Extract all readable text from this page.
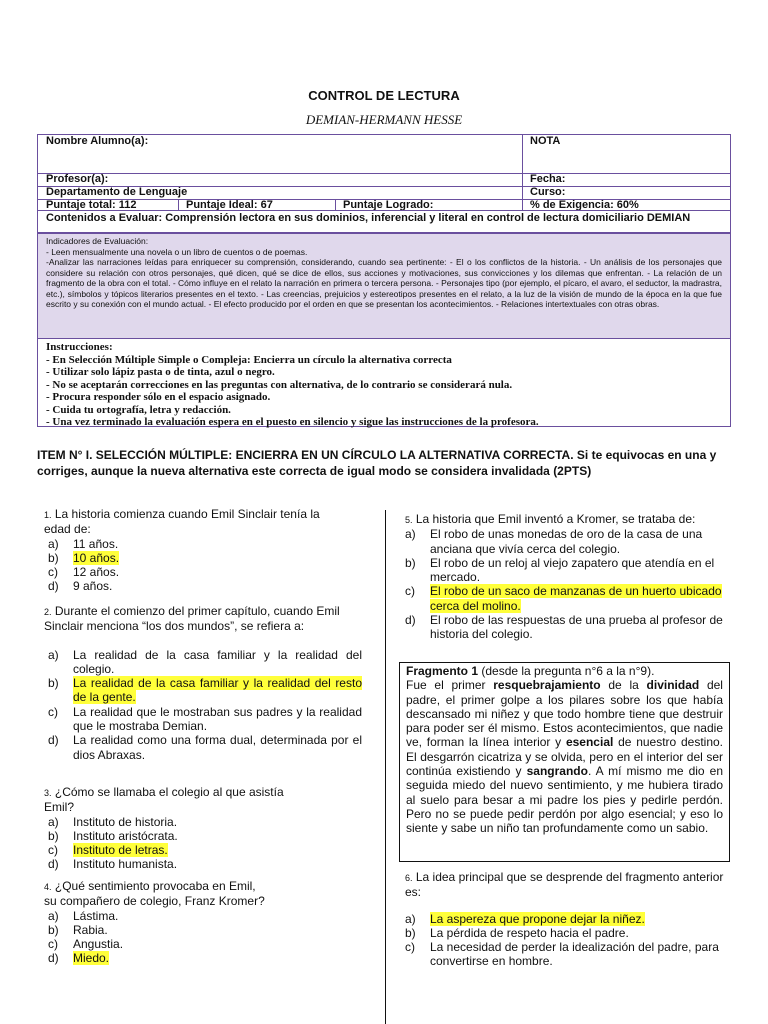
CONTROL DE LECTURA
DEMIAN-HERMANN HESSE
Nombre Alumno(a):	NOTA
Profesor(a):	Fecha:
Departamento de Lenguaje	Curso:
Puntaje total: 112	Puntaje Ideal: 67	Puntaje Logrado:	% de Exigencia: 60%
Contenidos a Evaluar: Comprensión lectora en sus dominios, inferencial y literal en control de lectura domiciliario DEMIAN
Indicadores de Evaluación:
- Leen mensualmente una novela o un libro de cuentos o de poemas.
-Analizar las narraciones leídas para enriquecer su comprensión, considerando, cuando sea pertinente: - El o los conflictos de la historia. - Un análisis de los personajes que considere su relación con otros personajes, qué dicen, qué se dice de ellos, sus acciones y motivaciones, sus convicciones y los dilemas que enfrentan. - La relación de un fragmento de la obra con el total. - Cómo influye en el relato la narración en primera o tercera persona. - Personajes tipo (por ejemplo, el pícaro, el avaro, el seductor, la madrastra, etc.), símbolos y tópicos literarios presentes en el texto. - Las creencias, prejuicios y estereotipos presentes en el relato, a la luz de la visión de mundo de la época en la que fue escrito y su conexión con el mundo actual. - El efecto producido por el orden en que se presentan los acontecimientos. - Relaciones intertextuales con otras obras.
Instrucciones:
- En Selección Múltiple Simple o Compleja: Encierra un círculo la alternativa correcta
- Utilizar solo lápiz pasta o de tinta, azul o negro.
- No se aceptarán correcciones en las preguntas con alternativa, de lo contrario se considerará nula.
- Procura responder sólo en el espacio asignado.
- Cuida tu ortografía, letra y redacción.
- Una vez terminado la evaluación espera en el puesto en silencio y sigue las instrucciones de la profesora.
ITEM N° I. SELECCIÓN MÚLTIPLE: ENCIERRA EN UN CÍRCULO LA ALTERNATIVA CORRECTA. Si te equivocas en una y corriges, aunque la nueva alternativa este correcta de igual modo se considera invalidada (2PTS)

1. La historia comienza cuando Emil Sinclair tenía la edad de:

a) 11 años.
b) 10 años.
c) 12 años.
d) 9 años.

2. Durante el comienzo del primer capítulo, cuando Emil Sinclair menciona “los dos mundos”, se refiera a:

a) La realidad de la casa familiar y la realidad del colegio.
b) La realidad de la casa familiar y la realidad del resto de la gente.
c) La realidad que le mostraban sus padres y la realidad que le mostraba Demian.
d) La realidad como una forma dual, determinada por el dios Abraxas.

3. ¿Cómo se llamaba el colegio al que asistía Emil?

a) Instituto de historia.
b) Instituto aristócrata.
c) Instituto de letras.
d) Instituto humanista.

4. ¿Qué sentimiento provocaba en Emil,
su compañero de colegio, Franz Kromer?

a) Lástima.
b) Rabia.
c) Angustia.
d) Miedo.

5. La historia que Emil inventó a Kromer, se trataba de:

a) El robo de unas monedas de oro de la casa de una anciana que vivía cerca del colegio.
b) El robo de un reloj al viejo zapatero que atendía en el mercado.
c) El robo de un saco de manzanas de un huerto ubicado cerca del molino.
d) El robo de las respuestas de una prueba al profesor de historia del colegio.
Fragmento 1 (desde la pregunta n°6 a la n°9).
Fue el primer resquebrajamiento de la divinidad del padre, el primer golpe a los pilares sobre los que había descansado mi niñez y que todo hombre tiene que destruir para poder ser él mismo. Estos acontecimientos, que nadie ve, forman la línea interior y esencial de nuestro destino. El desgarrón cicatriza y se olvida, pero en el interior del ser continúa existiendo y sangrando. A mí mismo me dio en seguida miedo del nuevo sentimiento, y me hubiera tirado al suelo para besar a mi padre los pies y pedirle perdón. Pero no se puede pedir perdón por algo esencial; y eso lo siente y sabe un niño tan profundamente como un sabio.

6. La idea principal que se desprende del fragmento anterior es:

a) La aspereza que propone dejar la niñez.
b) La pérdida de respeto hacia el padre.
c) La necesidad de perder la idealización del padre, para convertirse en hombre.
